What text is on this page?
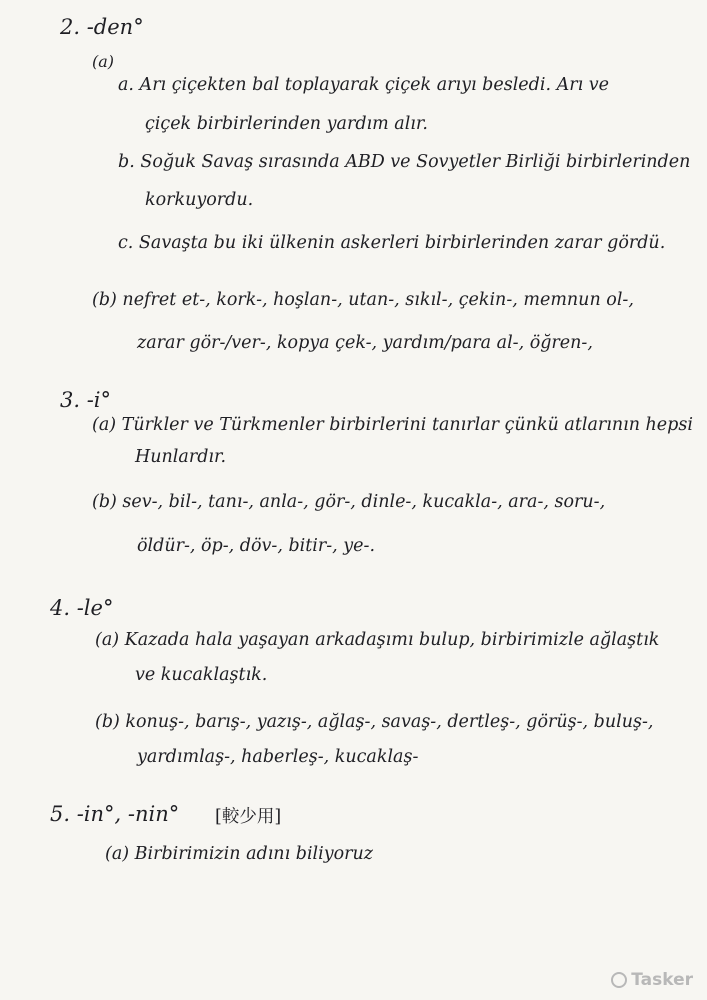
2. -den°
(a)
a. Arı çiçekten bal toplayarak çiçek arıyı besledi. Arı ve
çiçek birbirlerinden yardım alır.
b. Soğuk Savaş sırasında ABD ve Sovyetler Birliği birbirlerinden
korkuyordu.
c. Savaşta bu iki ülkenin askerleri birbirlerinden zarar gördü.
(b) nefret et-, kork-, hoşlan-, utan-, sıkıl-, çekin-, memnun ol-,
zarar gör-/ver-, kopya çek-, yardım/para al-, öğren-,
3. -i°
(a) Türkler ve Türkmenler birbirlerini tanırlar çünkü atlarının hepsi
Hunlardır.
(b) sev-, bil-, tanı-, anla-, gör-, dinle-, kucakla-, ara-, soru-,
öldür-, öp-, döv-, bitir-, ye-.
4. -le°
(a) Kazada hala yaşayan arkadaşımı bulup, birbirimizle ağlaştık
ve kucaklaştık.
(b) konuş-, barış-, yazış-, ağlaş-, savaş-, dertleş-, görüş-, buluş-,
yardımlaş-, haberleş-, kucaklaş-
5. -in°, -nin° [較少用]
(a) Birbirimizin adını biliyoruz
Tasker
